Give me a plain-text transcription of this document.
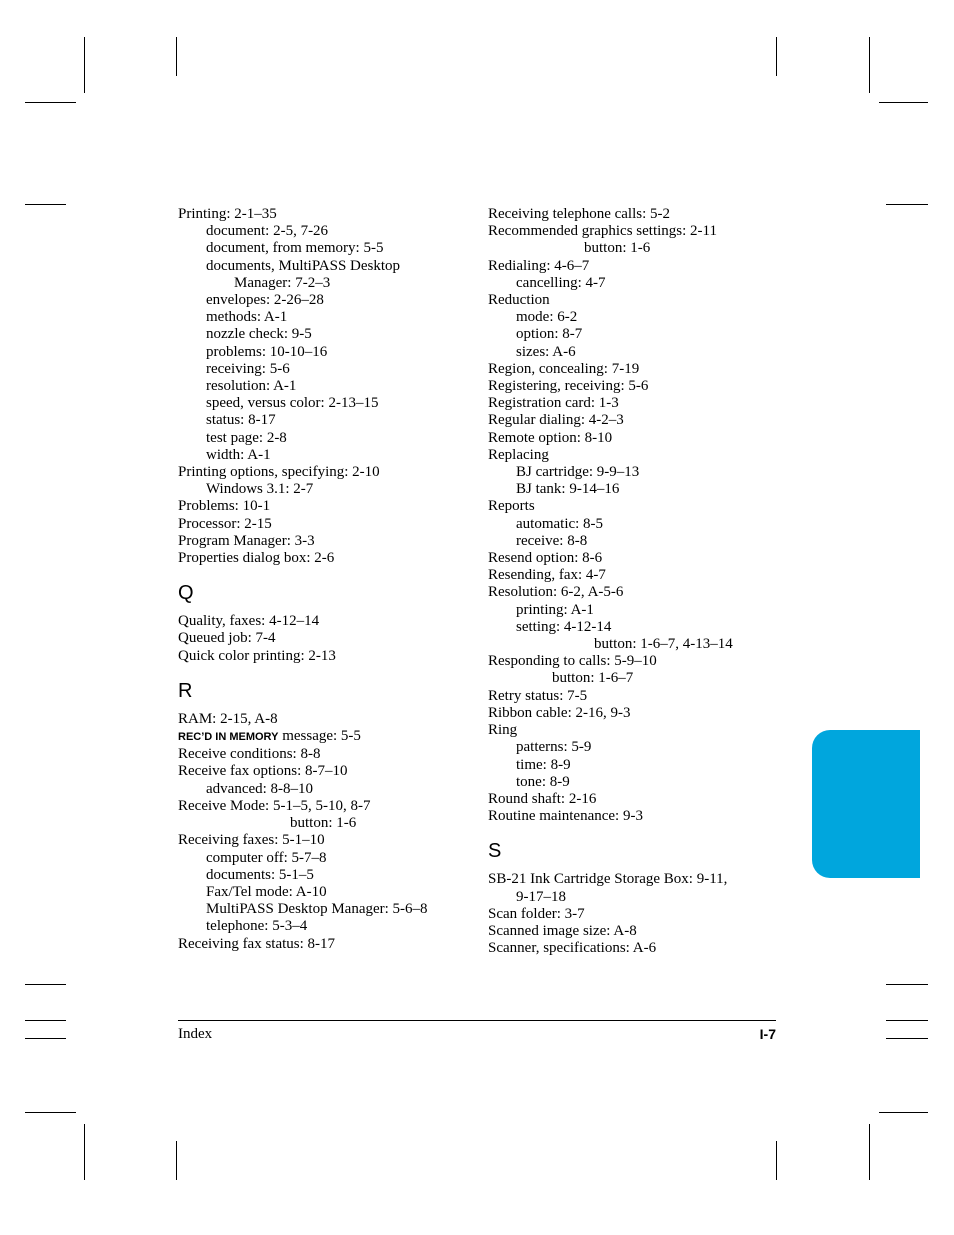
Printing: 2-1–35
document: 2-5, 7-26
document, from memory: 5-5
documents, MultiPASS Desktop
Manager: 7-2–3
envelopes: 2-26–28
methods: A-1
nozzle check: 9-5
problems: 10-10–16
receiving: 5-6
resolution: A-1
speed, versus color: 2-13–15
status: 8-17
test page: 2-8
width: A-1
Printing options, specifying: 2-10
Windows 3.1: 2-7
Problems: 10-1
Processor: 2-15
Program Manager: 3-3
Properties dialog box: 2-6
Q
Quality, faxes: 4-12–14
Queued job: 7-4
Quick color printing: 2-13
R
RAM: 2-15, A-8
REC’D IN MEMORY message: 5-5
Receive conditions: 8-8
Receive fax options: 8-7–10
advanced: 8-8–10
Receive Mode: 5-1–5, 5-10, 8-7
button: 1-6
Receiving faxes: 5-1–10
computer off: 5-7–8
documents: 5-1–5
Fax/Tel mode: A-10
MultiPASS Desktop Manager: 5-6–8
telephone: 5-3–4
Receiving fax status: 8-17
Receiving telephone calls: 5-2
Recommended graphics settings: 2-11
button: 1-6
Redialing: 4-6–7
cancelling: 4-7
Reduction
mode: 6-2
option: 8-7
sizes: A-6
Region, concealing: 7-19
Registering, receiving: 5-6
Registration card: 1-3
Regular dialing: 4-2–3
Remote option: 8-10
Replacing
BJ cartridge: 9-9–13
BJ tank: 9-14–16
Reports
automatic: 8-5
receive: 8-8
Resend option: 8-6
Resending, fax: 4-7
Resolution: 6-2, A-5-6
printing: A-1
setting: 4-12-14
button: 1-6–7, 4-13–14
Responding to calls: 5-9–10
button: 1-6–7
Retry status: 7-5
Ribbon cable: 2-16, 9-3
Ring
patterns: 5-9
time: 8-9
tone: 8-9
Round shaft: 2-16
Routine maintenance: 9-3
S
SB-21 Ink Cartridge Storage Box: 9-11,
9-17–18
Scan folder: 3-7
Scanned image size: A-8
Scanner, specifications: A-6
Index	I-7
